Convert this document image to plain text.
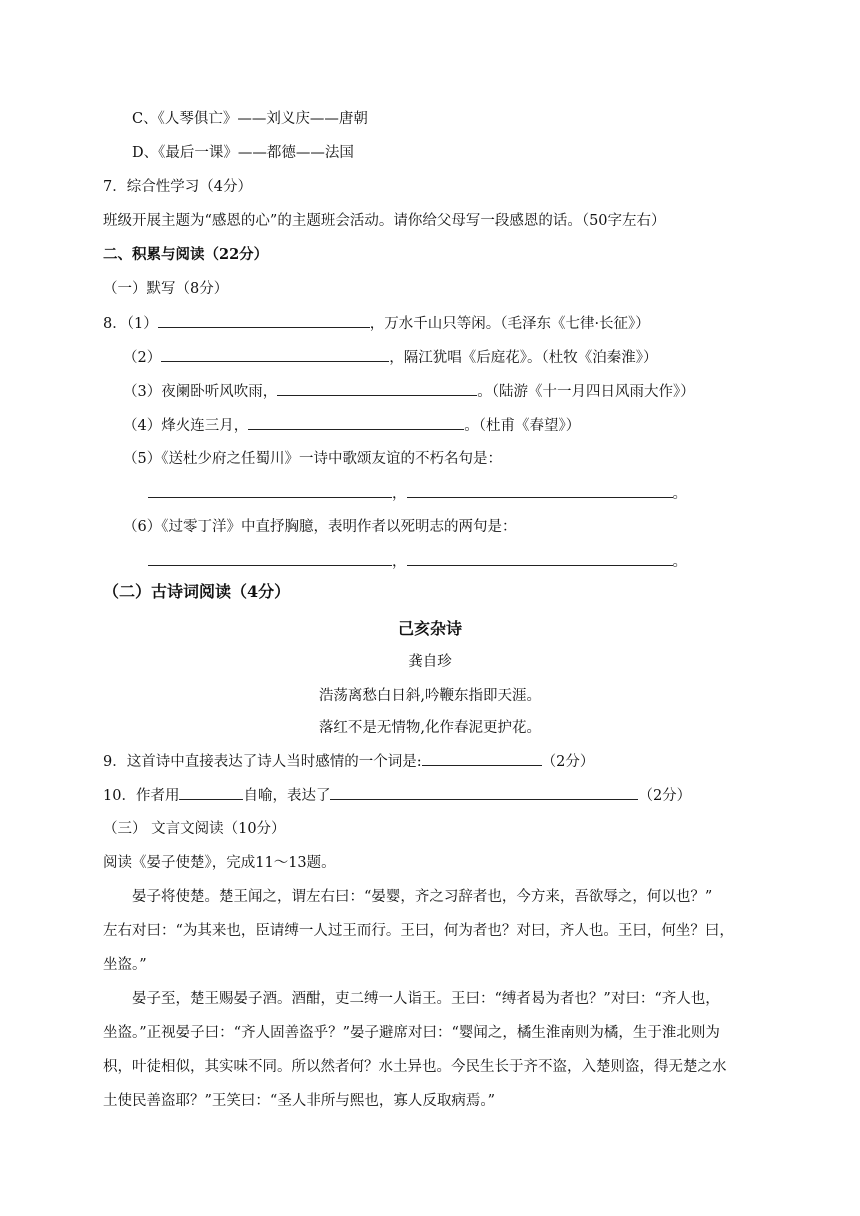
C、《人琴俱亡》——刘义庆——唐朝
D、《最后一课》——都德——法国
7．综合性学习（4分）
班级开展主题为“感恩的心”的主题班会活动。请你给父母写一段感恩的话。（50字左右）
二、积累与阅读（22分）
（一）默写（8分）
8．（1）	，万水千山只等闲。（毛泽东《七律·长征》）
（2）	，隔江犹唱《后庭花》。（杜牧《泊秦淮》）
（3）夜阑卧听风吹雨，	。（陆游《十一月四日风雨大作》）
（4）烽火连三月，	。（杜甫《春望》）
（5）《送杜少府之任蜀川》一诗中歌颂友谊的不朽名句是：
，	。
（6）《过零丁洋》中直抒胸臆，表明作者以死明志的两句是：
，	。
（二）古诗词阅读（4分）
己亥杂诗
龚自珍
浩荡离愁白日斜,吟鞭东指即天涯。
落红不是无情物,化作春泥更护花。
9．这首诗中直接表达了诗人当时感情的一个词是:	（2分）
10．作者用	自喻，表达了	（2分）
（三） 文言文阅读（10分）
阅读《晏子使楚》，完成11～13题。
晏子将使楚。楚王闻之，谓左右曰：“晏婴，齐之习辞者也，今方来，吾欲辱之，何以也？”
左右对曰：“为其来也，臣请缚一人过王而行。王曰，何为者也？对曰，齐人也。王曰，何坐？曰，
坐盗。”
晏子至，楚王赐晏子酒。酒酣，吏二缚一人诣王。王曰：“缚者曷为者也？”对曰：“齐人也，
坐盗。”正视晏子曰：“齐人固善盗乎？”晏子避席对曰：“婴闻之，橘生淮南则为橘，生于淮北则为
枳，叶徒相似，其实味不同。所以然者何？水土异也。今民生长于齐不盗，入楚则盗，得无楚之水
土使民善盗耶？”王笑曰：“圣人非所与熙也，寡人反取病焉。”
